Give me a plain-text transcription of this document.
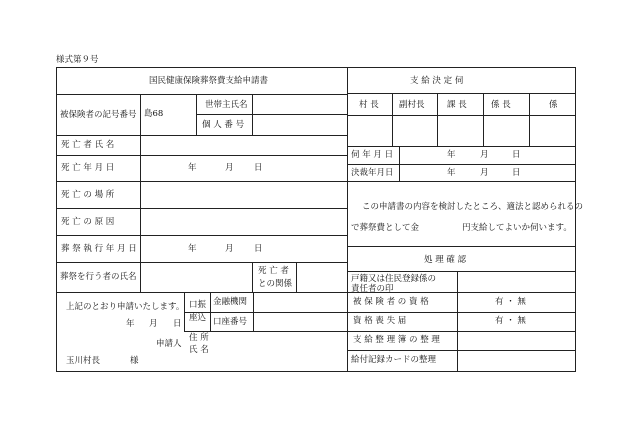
様式第９号
国民健康保険葬祭費支給申請書
被保険者の記号番号 島68
世帯主氏名
個 人 番 号
死 亡 者 氏 名
死 亡 年 月 日	年	月 日
死 亡 の 場 所
死 亡 の 原 因
葬 祭 執 行 年 月 日	年	月 日
葬祭を行う者の氏名
死 亡 者
との関係
上記のとおり申請いたします。
年 月 日
口振
座込
金融機関
口座番号
申請人
住 所
氏 名
玉川村長	様
支 給 決 定 伺
村 長 副村長	課 長	係 長	係
伺 年 月 日	年	月	日
決裁年月日	年	月	日
この申請書の内容を検討したところ、適法と認められるの
で葬祭費として金	円支給してよいか伺います。
処 理 確 認
戸籍又は住民登録係の
責任者の印
被 保 険 者 の 資 格	有 ・ 無
資 格 喪 失 届	有 ・ 無
支 給 整 理 簿 の 整 理
給付記録カードの整理
